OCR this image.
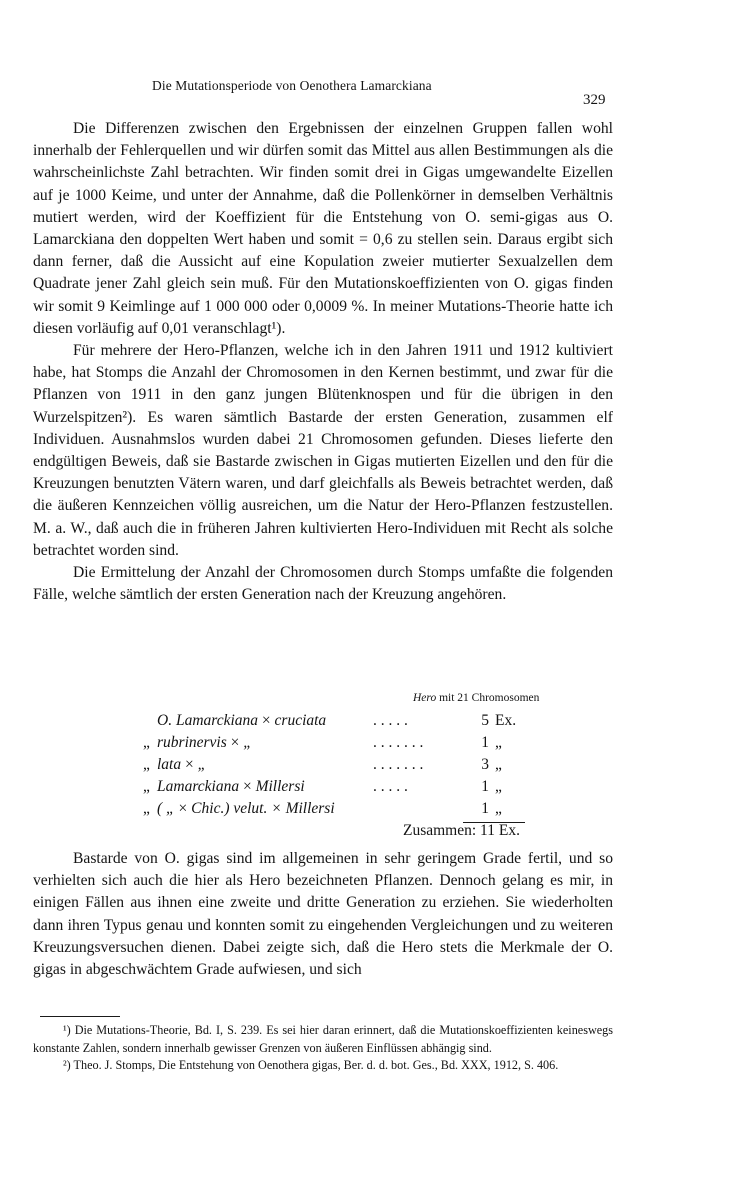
Die Mutationsperiode von Oenothera Lamarckiana
329

Die Differenzen zwischen den Ergebnissen der einzelnen Gruppen fallen wohl innerhalb der Fehlerquellen und wir dürfen somit das Mittel aus allen Bestimmungen als die wahrscheinlichste Zahl betrachten. Wir finden somit drei in Gigas umgewandelte Eizellen auf je 1000 Keime, und unter der Annahme, daß die Pollenkörner in demselben Verhältnis mutiert werden, wird der Koeffizient für die Entstehung von O. semi-gigas aus O. Lamarckiana den doppelten Wert haben und somit = 0,6 zu stellen sein. Daraus ergibt sich dann ferner, daß die Aussicht auf eine Kopulation zweier mutierter Sexualzellen dem Quadrate jener Zahl gleich sein muß. Für den Mutationskoeffizienten von O. gigas finden wir somit 9 Keimlinge auf 1 000 000 oder 0,0009 %. In meiner Mutations-Theorie hatte ich diesen vorläufig auf 0,01 veranschlagt¹).

Für mehrere der Hero-Pflanzen, welche ich in den Jahren 1911 und 1912 kultiviert habe, hat Stomps die Anzahl der Chromosomen in den Kernen bestimmt, und zwar für die Pflanzen von 1911 in den ganz jungen Blütenknospen und für die übrigen in den Wurzelspitzen²). Es waren sämtlich Bastarde der ersten Generation, zusammen elf Individuen. Ausnahmslos wurden dabei 21 Chromosomen gefunden. Dieses lieferte den endgültigen Beweis, daß sie Bastarde zwischen in Gigas mutierten Eizellen und den für die Kreuzungen benutzten Vätern waren, und darf gleichfalls als Beweis betrachtet werden, daß die äußeren Kennzeichen völlig ausreichen, um die Natur der Hero-Pflanzen festzustellen. M. a. W., daß auch die in früheren Jahren kultivierten Hero-Individuen mit Recht als solche betrachtet worden sind.

Die Ermittelung der Anzahl der Chromosomen durch Stomps umfaßte die folgenden Fälle, welche sämtlich der ersten Generation nach der Kreuzung angehören.

Hero mit 21 Chromosomen
O. Lamarckiana × cruciata	. . . . .	5	Ex.
„ rubrinervis × „	. . . . . . .	1	„
„ lata × „	. . . . . . .	3	„
„ Lamarckiana × Millersi	. . . . .	1	„
„ ( „ × Chic.) velut. × Millersi		1	„
Zusammen: 11 Ex.

Bastarde von O. gigas sind im allgemeinen in sehr geringem Grade fertil, und so verhielten sich auch die hier als Hero bezeichneten Pflanzen. Dennoch gelang es mir, in einigen Fällen aus ihnen eine zweite und dritte Generation zu erziehen. Sie wiederholten dann ihren Typus genau und konnten somit zu eingehenden Vergleichungen und zu weiteren Kreuzungsversuchen dienen. Dabei zeigte sich, daß die Hero stets die Merkmale der O. gigas in abgeschwächtem Grade aufwiesen, und sich

¹) Die Mutations-Theorie, Bd. I, S. 239. Es sei hier daran erinnert, daß die Mutationskoeffizienten keineswegs konstante Zahlen, sondern innerhalb gewisser Grenzen von äußeren Einflüssen abhängig sind.

²) Theo. J. Stomps, Die Entstehung von Oenothera gigas, Ber. d. d. bot. Ges., Bd. XXX, 1912, S. 406.
